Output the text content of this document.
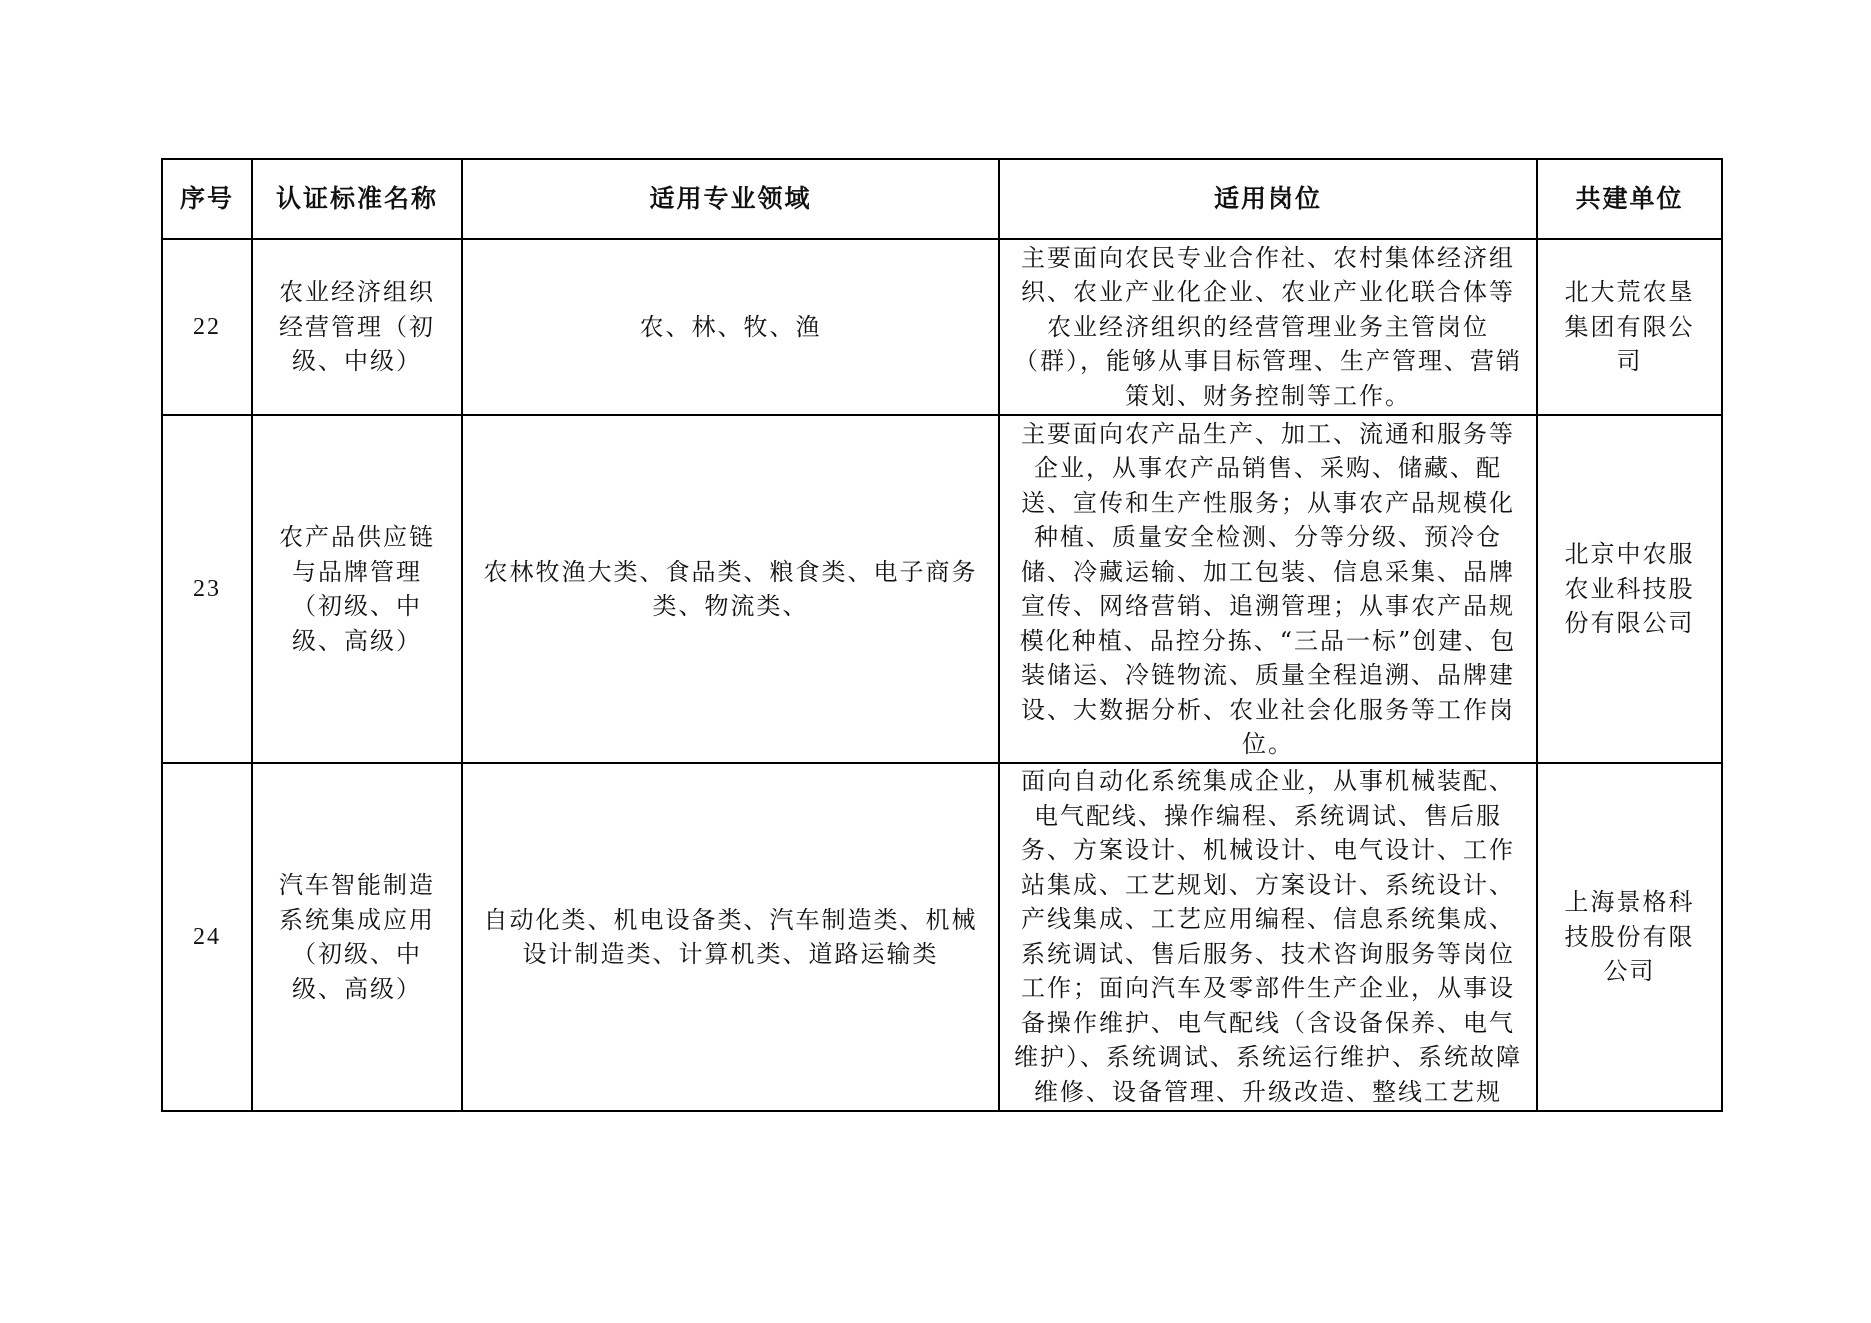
序号	认证标准名称	适用专业领域	适用岗位	共建单位
22	农业经济组织经营管理（初级、中级）	农、林、牧、渔	主要面向农民专业合作社、农村集体经济组织、农业产业化企业、农业产业化联合体等农业经济组织的经营管理业务主管岗位（群），能够从事目标管理、生产管理、营销策划、财务控制等工作。	北大荒农垦集团有限公司
23	农产品供应链与品牌管理（初级、中级、高级）	农林牧渔大类、食品类、粮食类、电子商务类、物流类、	主要面向农产品生产、加工、流通和服务等企业，从事农产品销售、采购、储藏、配送、宣传和生产性服务；从事农产品规模化种植、质量安全检测、分等分级、预冷仓储、冷藏运输、加工包装、信息采集、品牌宣传、网络营销、追溯管理；从事农产品规模化种植、品控分拣、“三品一标”创建、包装储运、冷链物流、质量全程追溯、品牌建设、大数据分析、农业社会化服务等工作岗位。	北京中农服农业科技股份有限公司
24	汽车智能制造系统集成应用（初级、中级、高级）	自动化类、机电设备类、汽车制造类、机械设计制造类、计算机类、道路运输类	面向自动化系统集成企业，从事机械装配、电气配线、操作编程、系统调试、售后服务、方案设计、机械设计、电气设计、工作站集成、工艺规划、方案设计、系统设计、产线集成、工艺应用编程、信息系统集成、系统调试、售后服务、技术咨询服务等岗位工作；面向汽车及零部件生产企业，从事设备操作维护、电气配线（含设备保养、电气维护）、系统调试、系统运行维护、系统故障维修、设备管理、升级改造、整线工艺规	上海景格科技股份有限公司
